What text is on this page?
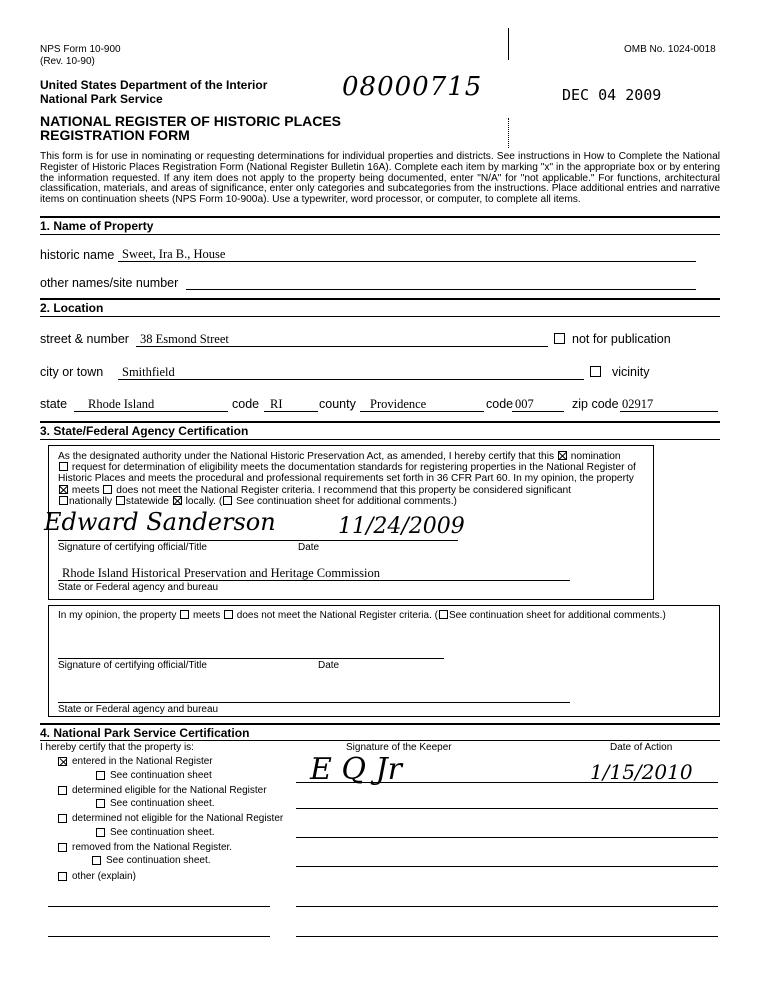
NPS Form 10-900
(Rev. 10-90)
OMB No. 1024-0018
United States Department of the Interior
National Park Service
NATIONAL REGISTER OF HISTORIC PLACES
REGISTRATION FORM
08000715	DEC 04 2009
This form is for use in nominating or requesting determinations for individual properties and districts. See instructions in How to Complete the National Register of Historic Places Registration Form (National Register Bulletin 16A). Complete each item by marking "x" in the appropriate box or by entering the information requested. If any item does not apply to the property being documented, enter "N/A" for "not applicable." For functions, architectural classification, materials, and areas of significance, enter only categories and subcategories from the instructions. Place additional entries and narrative items on continuation sheets (NPS Form 10-900a). Use a typewriter, word processor, or computer, to complete all items.
1. Name of Property
historic name Sweet, Ira B., House
other names/site number
2. Location
street & number 38 Esmond Street	not for publication
city or town Smithfield	vicinity
state Rhode Island	code RI	county Providence	code 007	zip code 02917
3. State/Federal Agency Certification
As the designated authority under the National Historic Preservation Act, as amended, I hereby certify that this nomination
request for determination of eligibility meets the documentation standards for registering properties in the National Register of Historic Places and meets the procedural and professional requirements set forth in 36 CFR Part 60. In my opinion, the property
meets does not meet the National Register criteria. I recommend that this property be considered significant
nationally statewide locally. ( See continuation sheet for additional comments.)
Edward Sanderson	11/24/2009
Signature of certifying official/Title	Date
Rhode Island Historical Preservation and Heritage Commission
State or Federal agency and bureau
In my opinion, the property meets does not meet the National Register criteria. ( See continuation sheet for additional comments.)
Signature of certifying official/Title	Date
State or Federal agency and bureau
4. National Park Service Certification
I hereby certify that the property is:	Signature of the Keeper	Date of Action
E Q Jr	1/15/2010
entered in the National Register
See continuation sheet
determined eligible for the National Register
See continuation sheet.
determined not eligible for the National Register
See continuation sheet.
removed from the National Register.
See continuation sheet.
other (explain)
